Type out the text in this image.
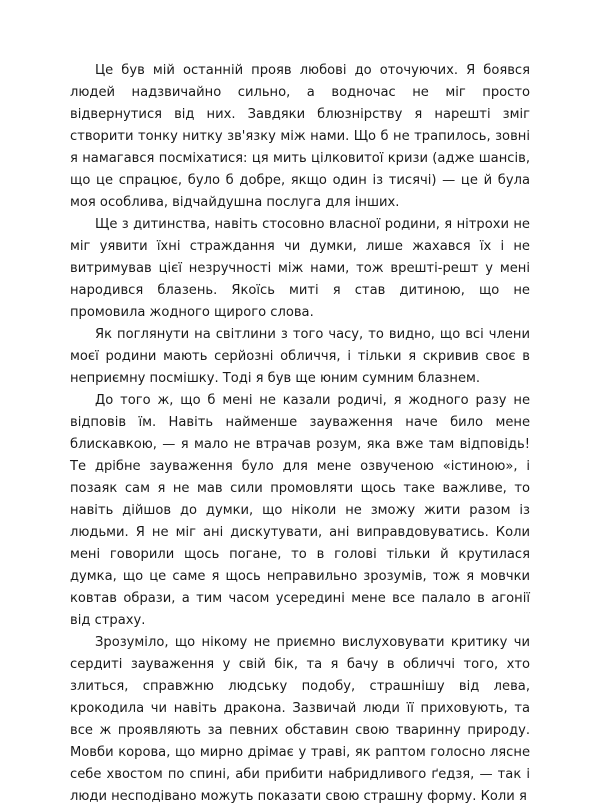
Це був мій останній прояв любові до оточуючих. Я боявся людей надзвичайно сильно, а водночас не міг просто відвернутися від них. Завдяки блюзнірству я нарешті зміг створити тонку нитку зв'язку між нами. Що б не трапилось, зовні я намагався посміхатися: ця мить цілковитої кризи (адже шансів, що це спрацює, було б добре, якщо один із тисячі) — це й була моя особлива, відчайдушна послуга для інших.

Ще з дитинства, навіть стосовно власної родини, я нітрохи не міг уявити їхні страждання чи думки, лише жахався їх і не витримував цієї незручності між нами, тож врешті-решт у мені народився блазень. Якоїсь миті я став дитиною, що не промовила жодного щирого слова.

Як поглянути на світлини з того часу, то видно, що всі члени моєї родини мають серйозні обличчя, і тільки я скривив своє в неприємну посмішку. Тоді я був ще юним сумним блазнем.

До того ж, що б мені не казали родичі, я жодного разу не відповів їм. Навіть найменше зауваження наче било мене блискавкою, — я мало не втрачав розум, яка вже там відповідь! Те дрібне зауваження було для мене озвученою «істиною», і позаяк сам я не мав сили промовляти щось таке важливе, то навіть дійшов до думки, що ніколи не зможу жити разом із людьми. Я не міг ані дискутувати, ані виправдовуватись. Коли мені говорили щось погане, то в голові тільки й крутилася думка, що це саме я щось неправильно зрозумів, тож я мовчки ковтав образи, а тим часом усередині мене все палало в агонії від страху.

Зрозуміло, що нікому не приємно вислуховувати критику чи сердиті зауваження у свій бік, та я бачу в обличчі того, хто злиться, справжню людську подобу, страшнішу від лева, крокодила чи навіть дракона. Зазвичай люди її приховують, та все ж проявляють за певних обставин свою тваринну природу. Мовби корова, що мирно дрімає у траві, як раптом голосно лясне себе хвостом по спині, аби прибити набридливого ґедзя, — так і люди несподівано можуть показати свою страшну форму. Коли я
